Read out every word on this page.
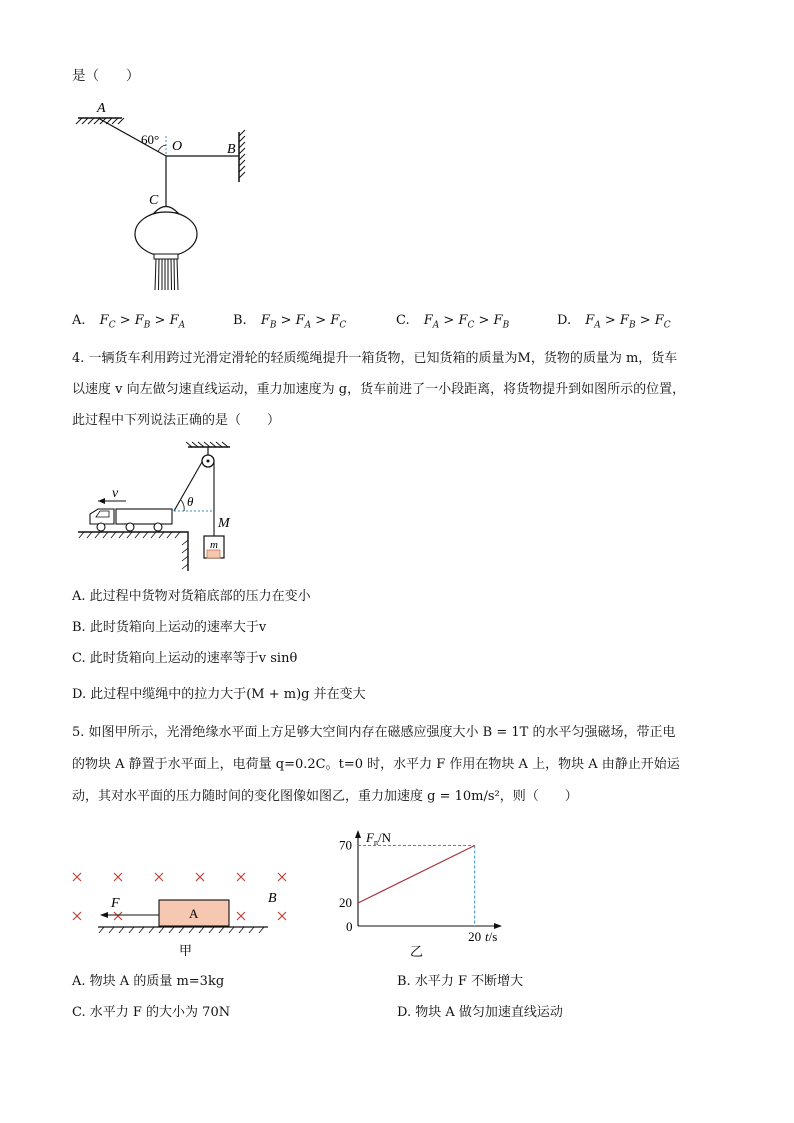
是（　　）
A
60° O	B
C
A. $F_C > F_B > F_A$	B. $F_B > F_A > F_C$	C. $F_A > F_C > F_B$	D. $F_A > F_B > F_C$
4. 一辆货车利用跨过光滑定滑轮的轻质缆绳提升一箱货物，已知货箱的质量为M，货物的质量为 m，货车
以速度 v 向左做匀速直线运动，重力加速度为 g，货车前进了一小段距离，将货物提升到如图所示的位置，
此过程中下列说法正确的是（　　）
v
θ
M
m
A. 此过程中货物对货箱底部的压力在变小
B. 此时货箱向上运动的速率大于v
C. 此时货箱向上运动的速率等于v sinθ
D. 此过程中缆绳中的拉力大于(M + m)g 并在变大
5. 如图甲所示，光滑绝缘水平面上方足够大空间内存在磁感应强度大小 B = 1T 的水平匀强磁场，带正电
的物块 A 静置于水平面上，电荷量 q=0.2C。t=0 时，水平力 F 作用在物块 A 上，物块 A 由静止开始运
动，其对水平面的压力随时间的变化图像如图乙，重力加速度 g = 10m/s²，则（　　）
A
F	B
甲
$F_n/N$
t/s
0
乙
20
70
20
A. 物块 A 的质量 m=3kg	B. 水平力 F 不断增大
C. 水平力 F 的大小为 70N	D. 物块 A 做匀加速直线运动
